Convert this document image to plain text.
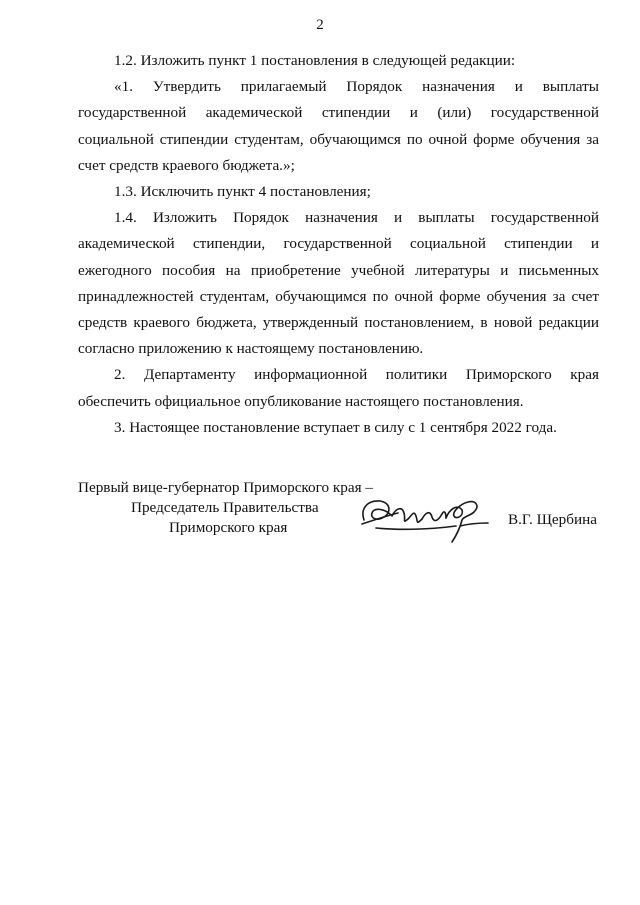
2

1.2. Изложить пункт 1 постановления в следующей редакции:

«1. Утвердить прилагаемый Порядок назначения и выплаты государственной академической стипендии и (или) государственной социальной стипендии студентам, обучающимся по очной форме обучения за счет средств краевого бюджета.»;

1.3. Исключить пункт 4 постановления;

1.4. Изложить Порядок назначения и выплаты государственной академической стипендии, государственной социальной стипендии и ежегодного пособия на приобретение учебной литературы и письменных принадлежностей студентам, обучающимся по очной форме обучения за счет средств краевого бюджета, утвержденный постановлением, в новой редакции согласно приложению к настоящему постановлению.

2. Департаменту информационной политики Приморского края обеспечить официальное опубликование настоящего постановления.

3. Настоящее постановление вступает в силу с 1 сентября 2022 года.

Первый вице-губернатор Приморского края –
Председатель Правительства
Приморского края	В.Г. Щербина
